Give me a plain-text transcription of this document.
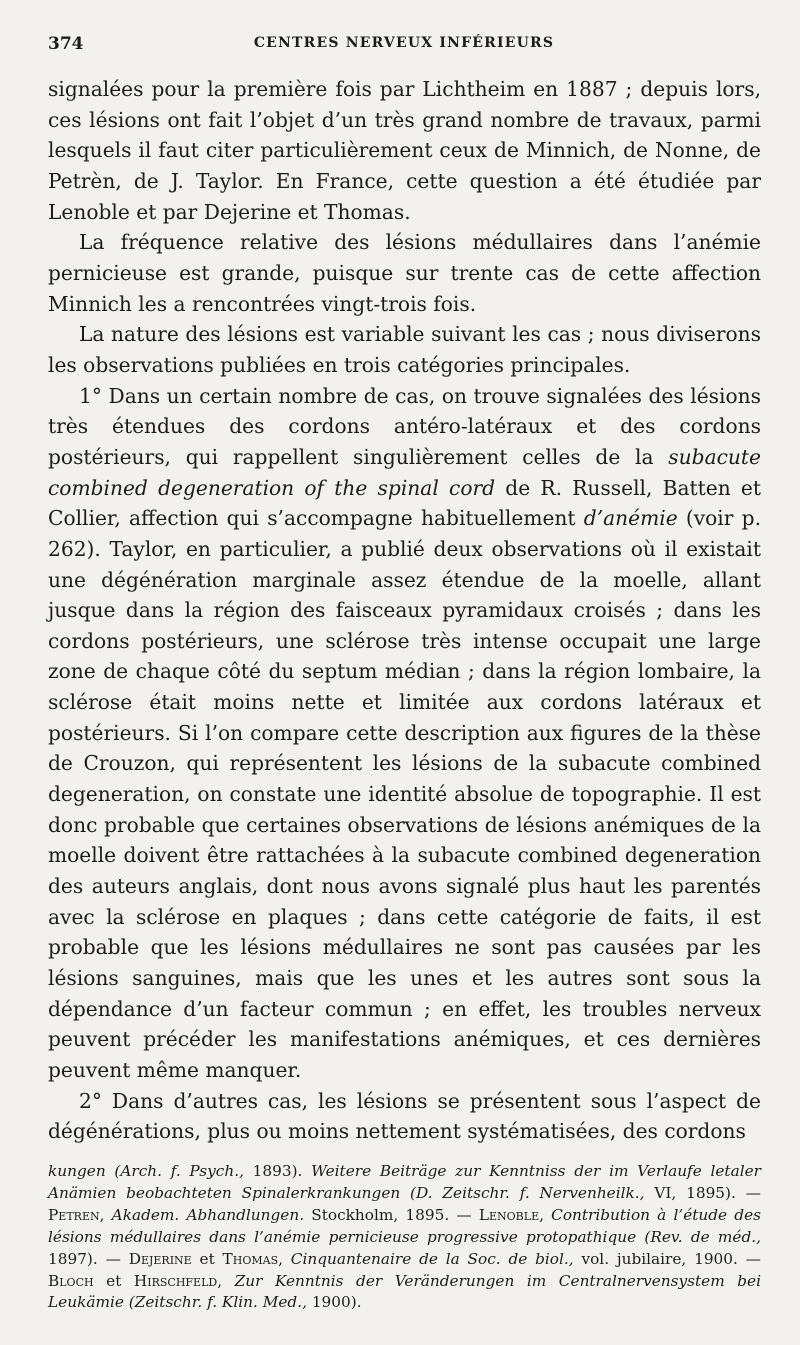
374	CENTRES NERVEUX INFÉRIEURS

signalées pour la première fois par Lichtheim en 1887 ; depuis lors, ces lésions ont fait l’objet d’un très grand nombre de travaux, parmi lesquels il faut citer particulièrement ceux de Minnich, de Nonne, de Petrèn, de J. Taylor. En France, cette question a été étudiée par Lenoble et par Dejerine et Thomas.

La fréquence relative des lésions médullaires dans l’anémie pernicieuse est grande, puisque sur trente cas de cette affection Minnich les a rencontrées vingt-trois fois.

La nature des lésions est variable suivant les cas ; nous diviserons les observations publiées en trois catégories principales.

1° Dans un certain nombre de cas, on trouve signalées des lésions très étendues des cordons antéro-latéraux et des cordons postérieurs, qui rappellent singulièrement celles de la subacute combined degeneration of the spinal cord de R. Russell, Batten et Collier, affection qui s’accompagne habituellement d’anémie (voir p. 262). Taylor, en particulier, a publié deux observations où il existait une dégénération marginale assez étendue de la moelle, allant jusque dans la région des faisceaux pyramidaux croisés ; dans les cordons postérieurs, une sclérose très intense occupait une large zone de chaque côté du septum médian ; dans la région lombaire, la sclérose était moins nette et limitée aux cordons latéraux et postérieurs. Si l’on compare cette description aux figures de la thèse de Crouzon, qui représentent les lésions de la subacute combined degeneration, on constate une identité absolue de topographie. Il est donc probable que certaines observations de lésions anémiques de la moelle doivent être rattachées à la subacute combined degeneration des auteurs anglais, dont nous avons signalé plus haut les parentés avec la sclérose en plaques ; dans cette catégorie de faits, il est probable que les lésions médullaires ne sont pas causées par les lésions sanguines, mais que les unes et les autres sont sous la dépendance d’un facteur commun ; en effet, les troubles nerveux peuvent précéder les manifestations anémiques, et ces dernières peuvent même manquer.

2° Dans d’autres cas, les lésions se présentent sous l’aspect de dégénérations, plus ou moins nettement systématisées, des cordons

kungen (Arch. f. Psych., 1893). Weitere Beiträge zur Kenntniss der im Verlaufe letaler Anämien beobachteten Spinalerkrankungen (D. Zeitschr. f. Nervenheilk., VI, 1895). — Petren, Akadem. Abhandlungen. Stockholm, 1895. — Lenoble, Contribution à l’étude des lésions médullaires dans l’anémie pernicieuse progressive protopathique (Rev. de méd., 1897). — Dejerine et Thomas, Cinquantenaire de la Soc. de biol., vol. jubilaire, 1900. — Bloch et Hirschfeld, Zur Kenntnis der Veränderungen im Centralnervensystem bei Leukämie (Zeitschr. f. Klin. Med., 1900).
